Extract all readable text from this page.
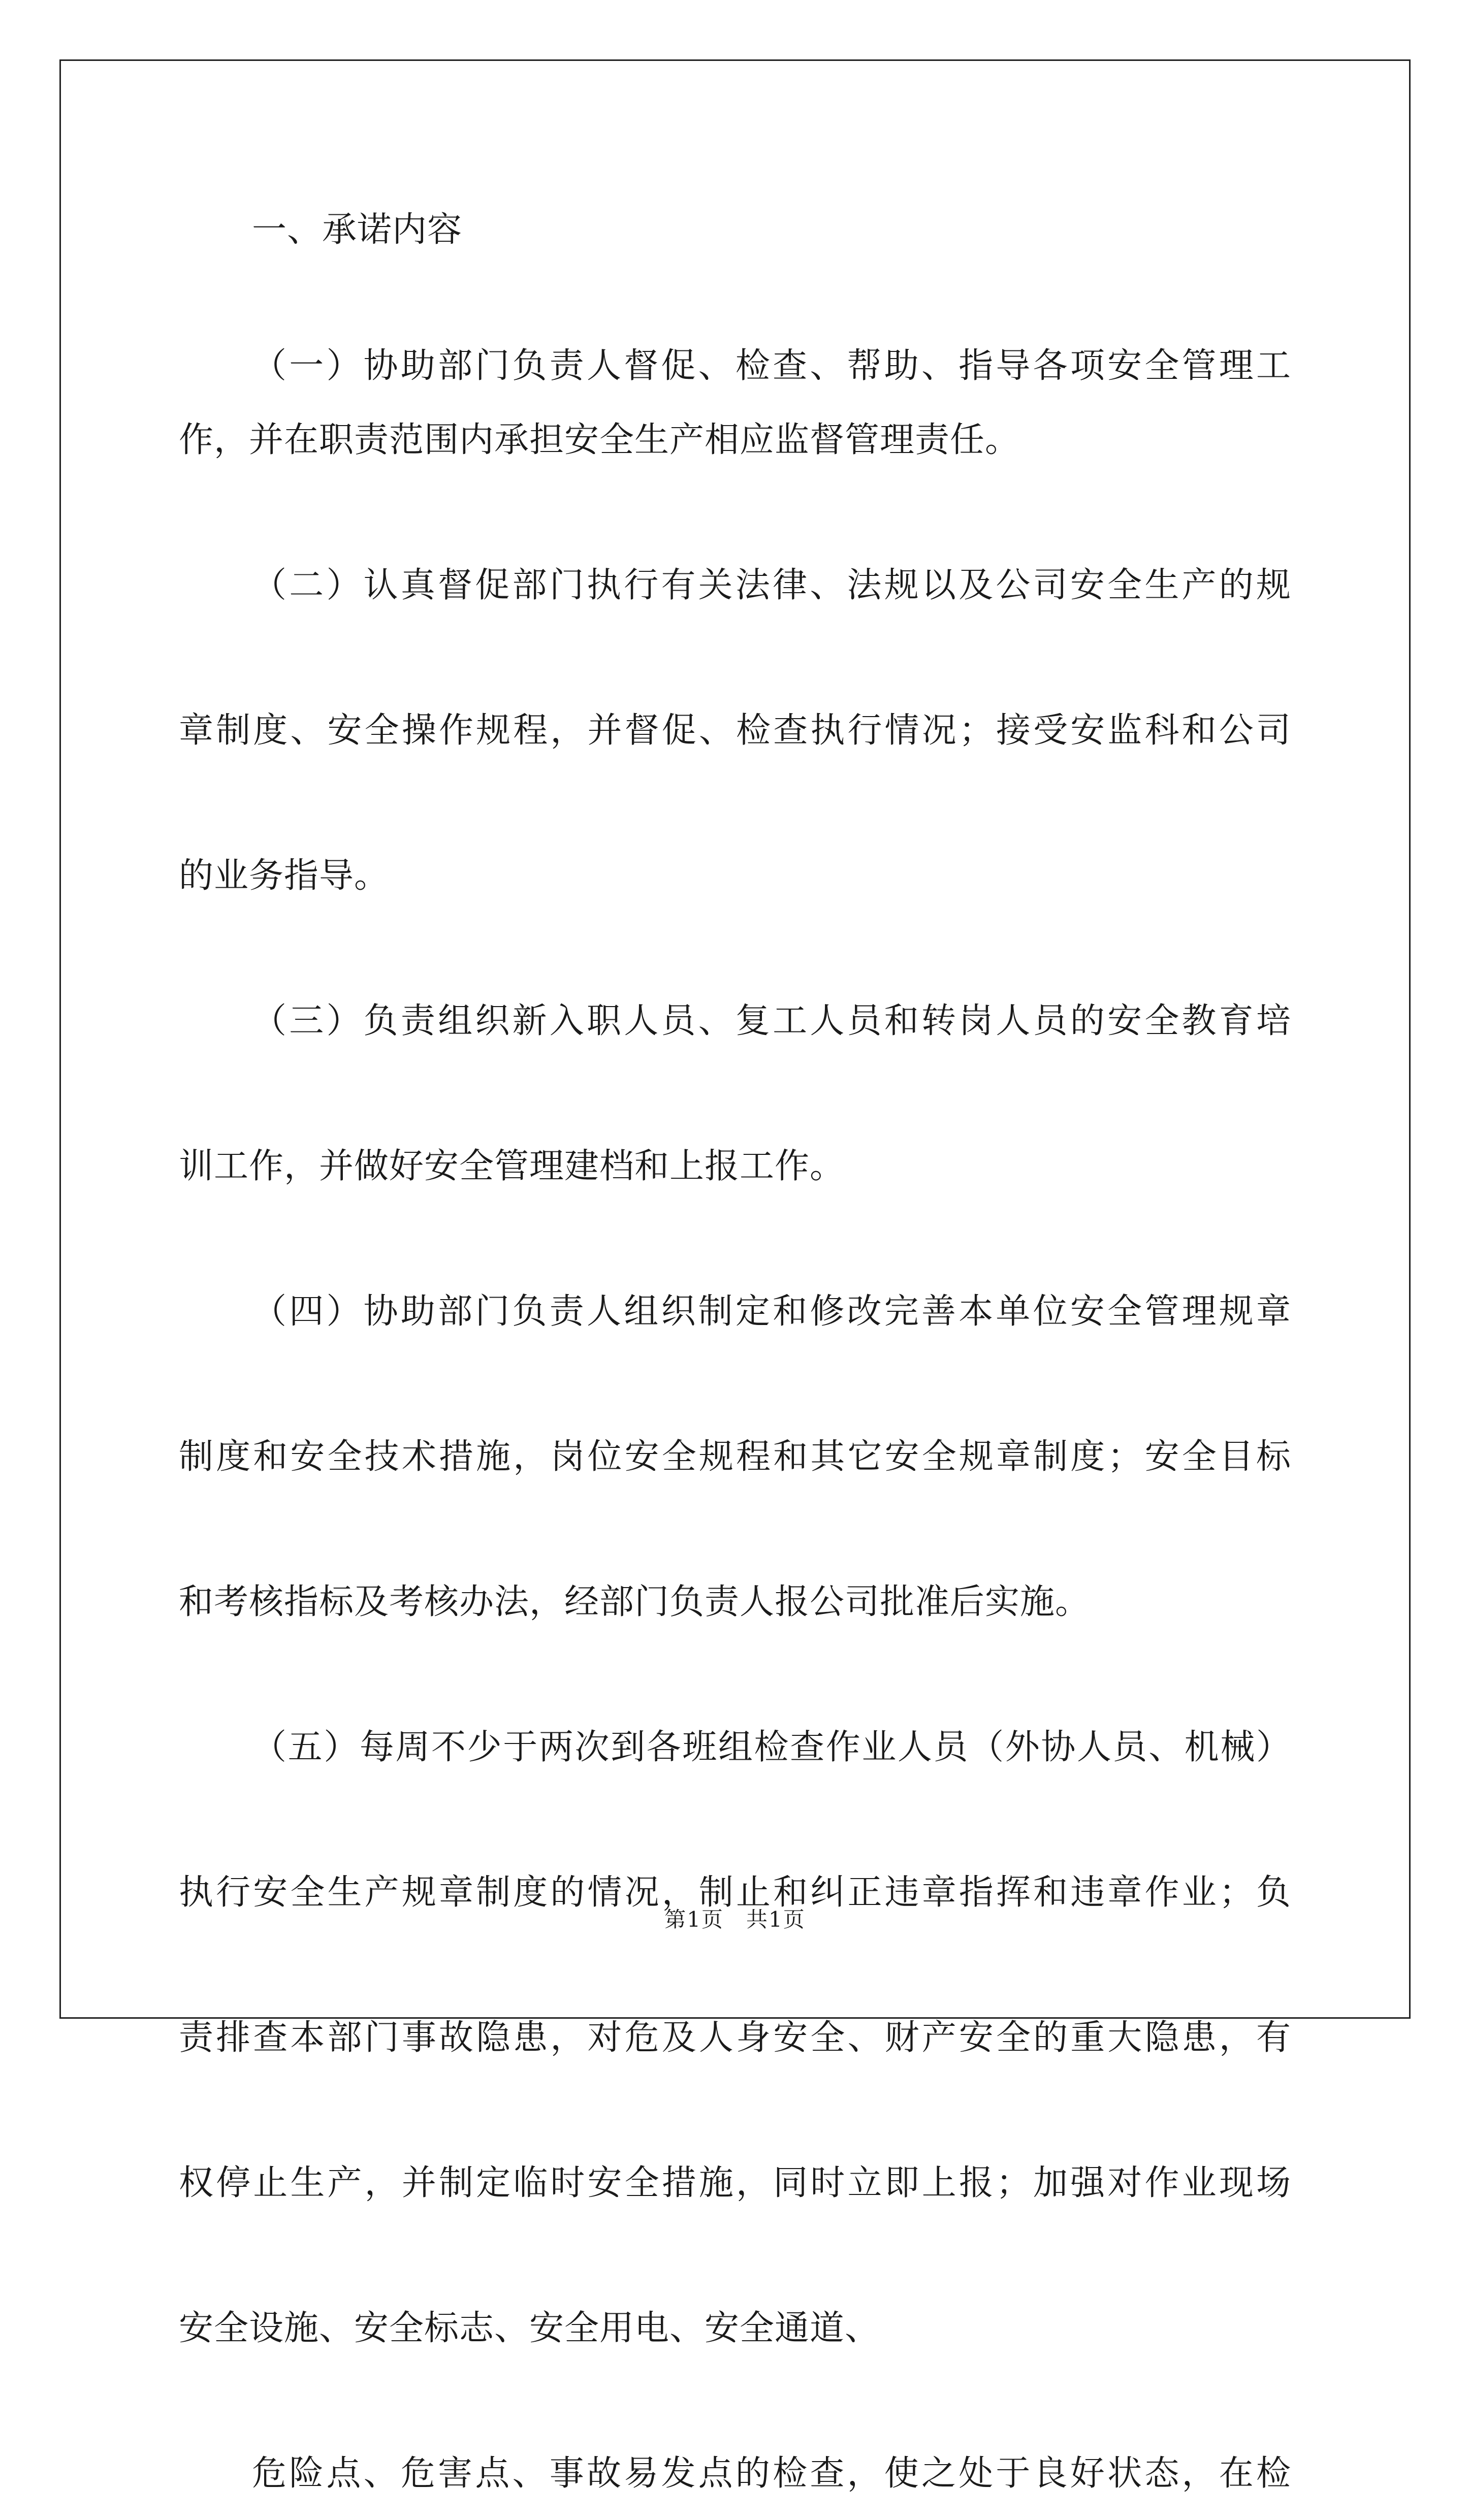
一、承诺内容
（一）协助部门负责人督促、检查、帮助、指导各项安全管理工
作，并在职责范围内承担安全生产相应监督管理责任。
（二）认真督促部门执行有关法律、法规以及公司安全生产的规
章制度、安全操作规程，并督促、检查执行情况；接受安监科和公司
的业务指导。
（三）负责组织新入职人员、复工人员和转岗人员的安全教育培
训工作，并做好安全管理建档和上报工作。
（四）协助部门负责人组织制定和修改完善本单位安全管理规章
制度和安全技术措施，岗位安全规程和其它安全规章制度；安全目标
和考核指标及考核办法，经部门负责人报公司批准后实施。
（五）每周不少于两次到各班组检查作业人员（外协人员、机械）
执行安全生产规章制度的情况，制止和纠正违章指挥和违章作业；负
责排查本部门事故隐患，对危及人身安全、财产安全的重大隐患，有
权停止生产，并制定临时安全措施，同时立即上报；加强对作业现场
安全设施、安全标志、安全用电、安全通道、
危险点、危害点、事故易发点的检查，使之处于良好状态，在检
第1页　共1页
